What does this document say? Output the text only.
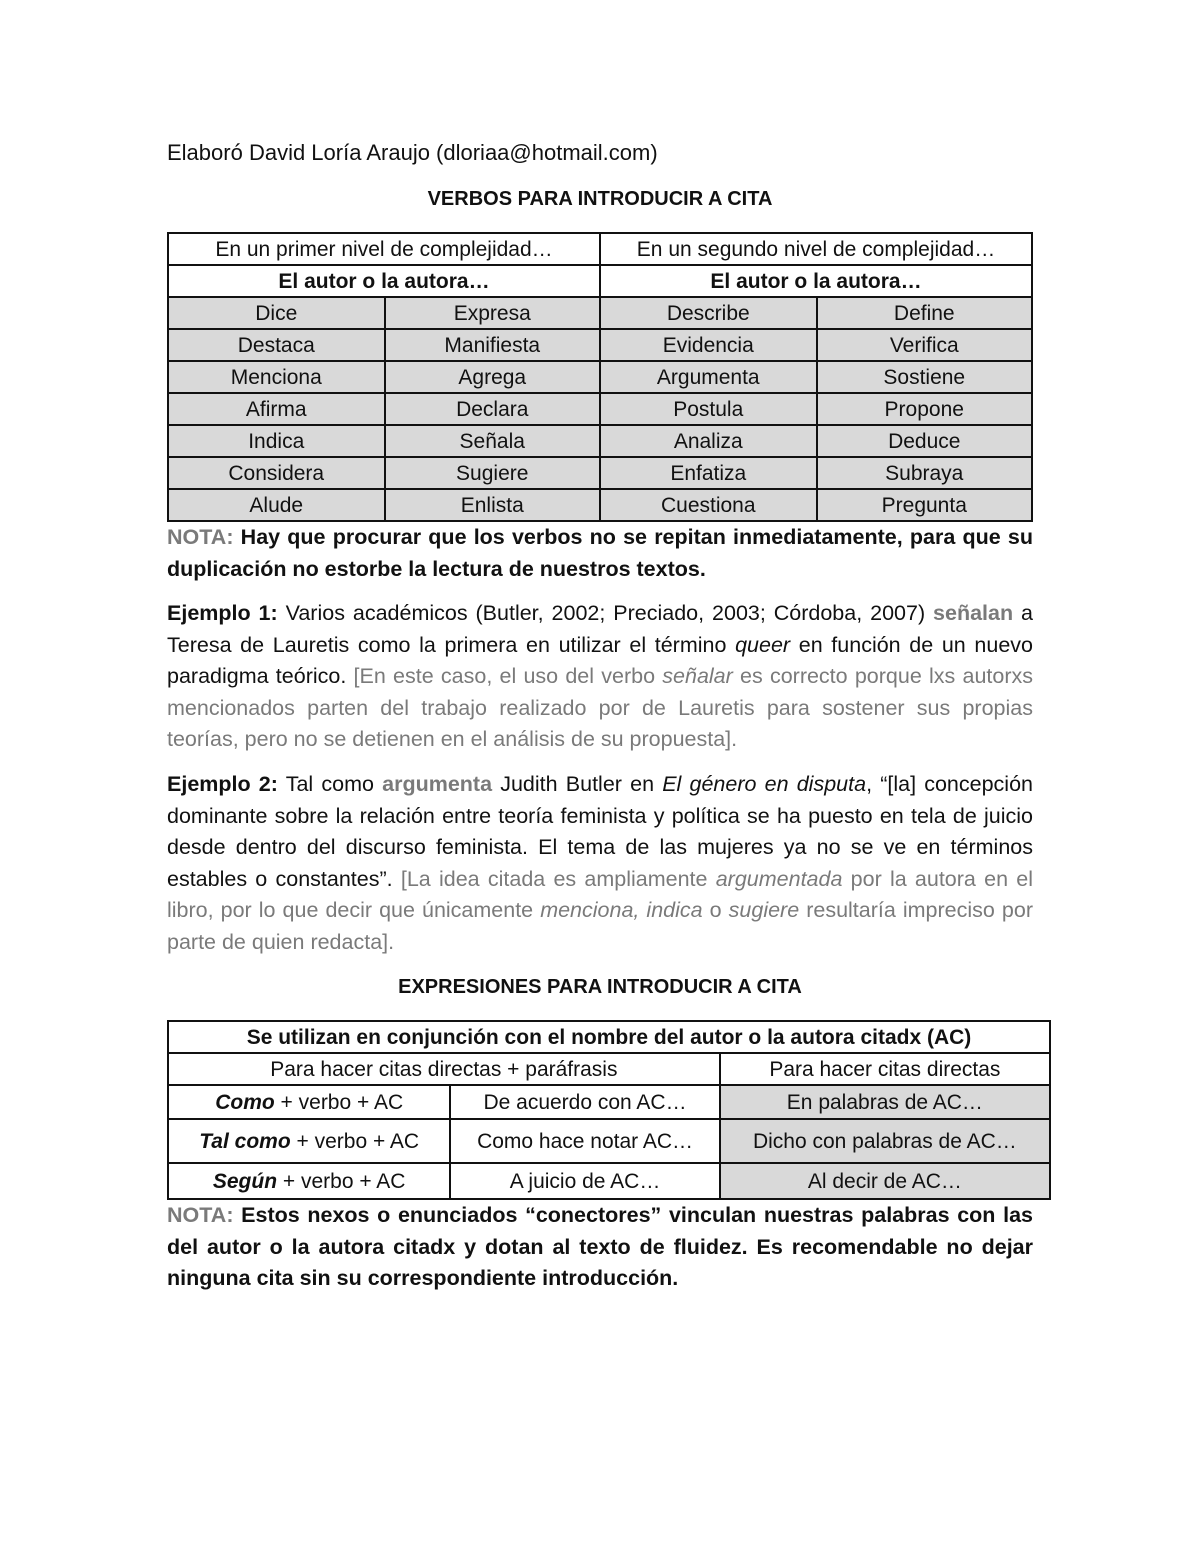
Elaboró David Loría Araujo (dloriaa@hotmail.com)
VERBOS PARA INTRODUCIR A CITA
En un primer nivel de complejidad…		En un segundo nivel de complejidad…	
El autor o la autora…		El autor o la autora…	
Dice	Expresa	Describe	Define
Destaca	Manifiesta	Evidencia	Verifica
Menciona	Agrega	Argumenta	Sostiene
Afirma	Declara	Postula	Propone
Indica	Señala	Analiza	Deduce
Considera	Sugiere	Enfatiza	Subraya
Alude	Enlista	Cuestiona	Pregunta
NOTA: Hay que procurar que los verbos no se repitan inmediatamente, para que su duplicación no estorbe la lectura de nuestros textos.
Ejemplo 1: Varios académicos (Butler, 2002; Preciado, 2003; Córdoba, 2007) señalan a Teresa de Lauretis como la primera en utilizar el término queer en función de un nuevo paradigma teórico. [En este caso, el uso del verbo señalar es correcto porque lxs autorxs mencionados parten del trabajo realizado por de Lauretis para sostener sus propias teorías, pero no se detienen en el análisis de su propuesta].
Ejemplo 2: Tal como argumenta Judith Butler en El género en disputa, “[la] concepción dominante sobre la relación entre teoría feminista y política se ha puesto en tela de juicio desde dentro del discurso feminista. El tema de las mujeres ya no se ve en términos estables o constantes”. [La idea citada es ampliamente argumentada por la autora en el libro, por lo que decir que únicamente menciona, indica o sugiere resultaría impreciso por parte de quien redacta].
EXPRESIONES PARA INTRODUCIR A CITA
Se utilizan en conjunción con el nombre del autor o la autora citadx (AC)		
Para hacer citas directas + paráfrasis		Para hacer citas directas
Como + verbo + AC	De acuerdo con AC…	En palabras de AC…
Tal como + verbo + AC	Como hace notar AC…	Dicho con palabras de AC…
Según + verbo + AC	A juicio de AC…	Al decir de AC…
NOTA: Estos nexos o enunciados “conectores” vinculan nuestras palabras con las del autor o la autora citadx y dotan al texto de fluidez. Es recomendable no dejar ninguna cita sin su correspondiente introducción.
